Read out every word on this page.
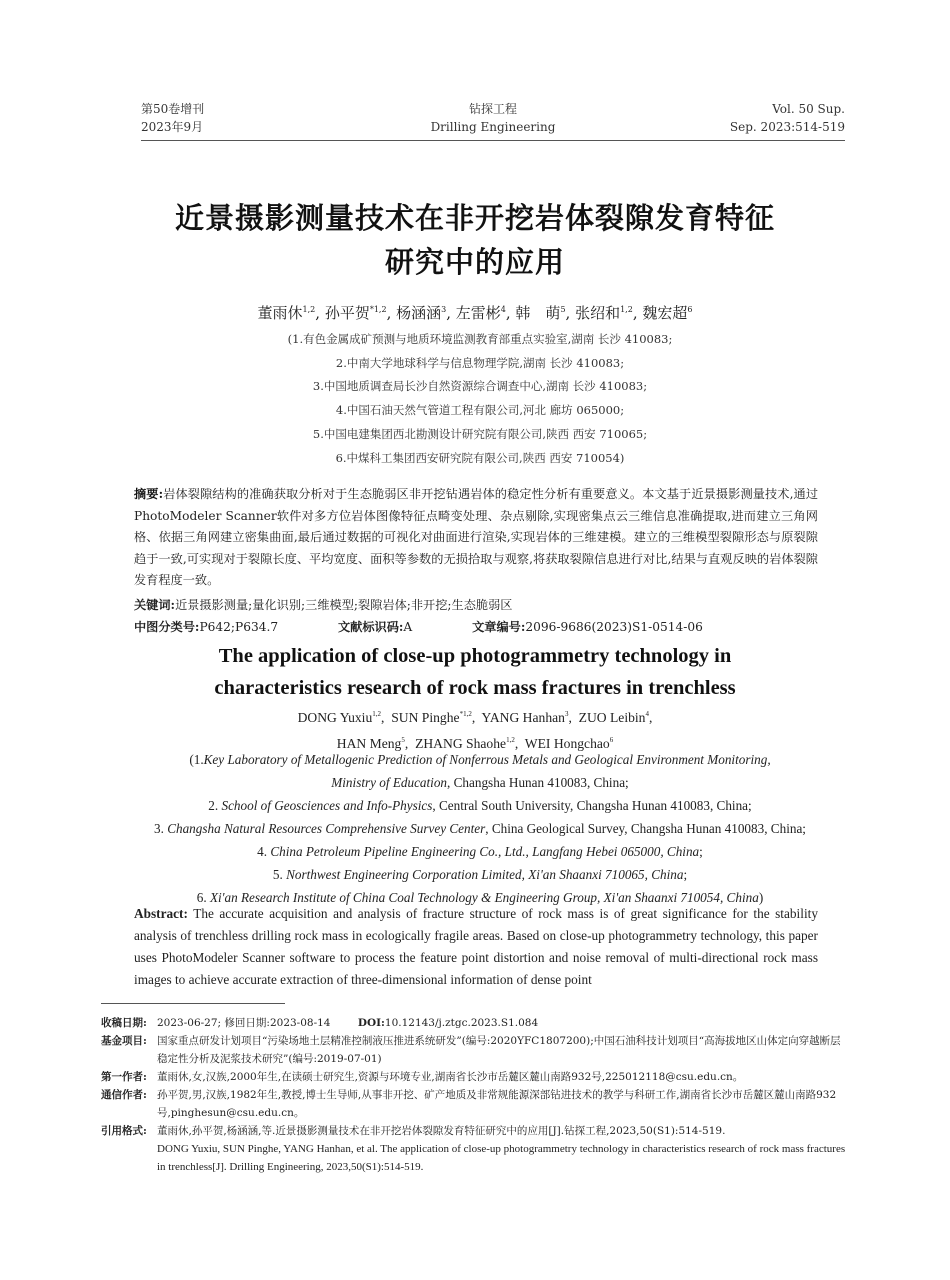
第50卷增刊
2023年9月
钻探工程
Drilling Engineering
Vol. 50 Sup.
Sep. 2023:514-519
近景摄影测量技术在非开挖岩体裂隙发育特征
研究中的应用
董雨休$^{1,2}$, 孙平贺$^{*1,2}$, 杨涵涵$^3$, 左雷彬$^4$, 韩　萌$^5$, 张绍和$^{1,2}$, 魏宏超$^6$
(1.有色金属成矿预测与地质环境监测教育部重点实验室,湖南 长沙 410083;
2.中南大学地球科学与信息物理学院,湖南 长沙 410083;
3.中国地质调查局长沙自然资源综合调查中心,湖南 长沙 410083;
4.中国石油天然气管道工程有限公司,河北 廊坊 065000;
5.中国电建集团西北勘测设计研究院有限公司,陕西 西安 710065;
6.中煤科工集团西安研究院有限公司,陕西 西安 710054)
摘要:岩体裂隙结构的准确获取分析对于生态脆弱区非开挖钻遇岩体的稳定性分析有重要意义。本文基于近景摄影测量技术,通过PhotoModeler Scanner软件对多方位岩体图像特征点畸变处理、杂点剔除,实现密集点云三维信息准确提取,进而建立三角网格、依据三角网建立密集曲面,最后通过数据的可视化对曲面进行渲染,实现岩体的三维建模。建立的三维模型裂隙形态与原裂隙趋于一致,可实现对于裂隙长度、平均宽度、面积等参数的无损拾取与观察,将获取裂隙信息进行对比,结果与直观反映的岩体裂隙发育程度一致。
关键词:近景摄影测量;量化识别;三维模型;裂隙岩体;非开挖;生态脆弱区
中图分类号:P642;P634.7	文献标识码:A	文章编号:2096-9686(2023)S1-0514-06
The application of close-up photogrammetry technology in
characteristics research of rock mass fractures in trenchless
DONG Yuxiu$^{1,2}$,  SUN Pinghe$^{*1,2}$,  YANG Hanhan$^3$,  ZUO Leibin$^4$,
HAN Meng$^5$,  ZHANG Shaohe$^{1,2}$,  WEI Hongchao$^6$
(1.Key Laboratory of Metallogenic Prediction of Nonferrous Metals and Geological Environment Monitoring,
Ministry of Education, Changsha Hunan 410083, China;
2. School of Geosciences and Info-Physics, Central South University, Changsha Hunan 410083, China;
3. Changsha Natural Resources Comprehensive Survey Center, China Geological Survey, Changsha Hunan 410083, China;
4. China Petroleum Pipeline Engineering Co., Ltd., Langfang Hebei 065000, China;
5. Northwest Engineering Corporation Limited, Xi'an Shaanxi 710065, China;
6. Xi'an Research Institute of China Coal Technology & Engineering Group, Xi'an Shaanxi 710054, China)
Abstract: The accurate acquisition and analysis of fracture structure of rock mass is of great significance for the stability analysis of trenchless drilling rock mass in ecologically fragile areas. Based on close-up photogrammetry technology, this paper uses PhotoModeler Scanner software to process the feature point distortion and noise removal of multi-directional rock mass images to achieve accurate extraction of three-dimensional information of dense point
收稿日期: 2023-06-27; 修回日期:2023-08-14	DOI:10.12143/j.ztgc.2023.S1.084
基金项目: 国家重点研发计划项目“污染场地土层精准控制液压推进系统研发”(编号:2020YFC1807200);中国石油科技计划项目“高海拔地区山体定向穿越断层稳定性分析及泥浆技术研究”(编号:2019-07-01)
第一作者: 董雨休,女,汉族,2000年生,在读硕士研究生,资源与环境专业,湖南省长沙市岳麓区麓山南路932号,225012118@csu.edu.cn。
通信作者: 孙平贺,男,汉族,1982年生,教授,博士生导师,从事非开挖、矿产地质及非常规能源深部钻进技术的教学与科研工作,湖南省长沙市岳麓区麓山南路932号,pinghesun@csu.edu.cn。
引用格式: 董雨休,孙平贺,杨涵涵,等.近景摄影测量技术在非开挖岩体裂隙发育特征研究中的应用[J].钻探工程,2023,50(S1):514-519.
DONG Yuxiu, SUN Pinghe, YANG Hanhan, et al. The application of close-up photogrammetry technology in characteristics research of rock mass fractures in trenchless[J]. Drilling Engineering, 2023,50(S1):514-519.
